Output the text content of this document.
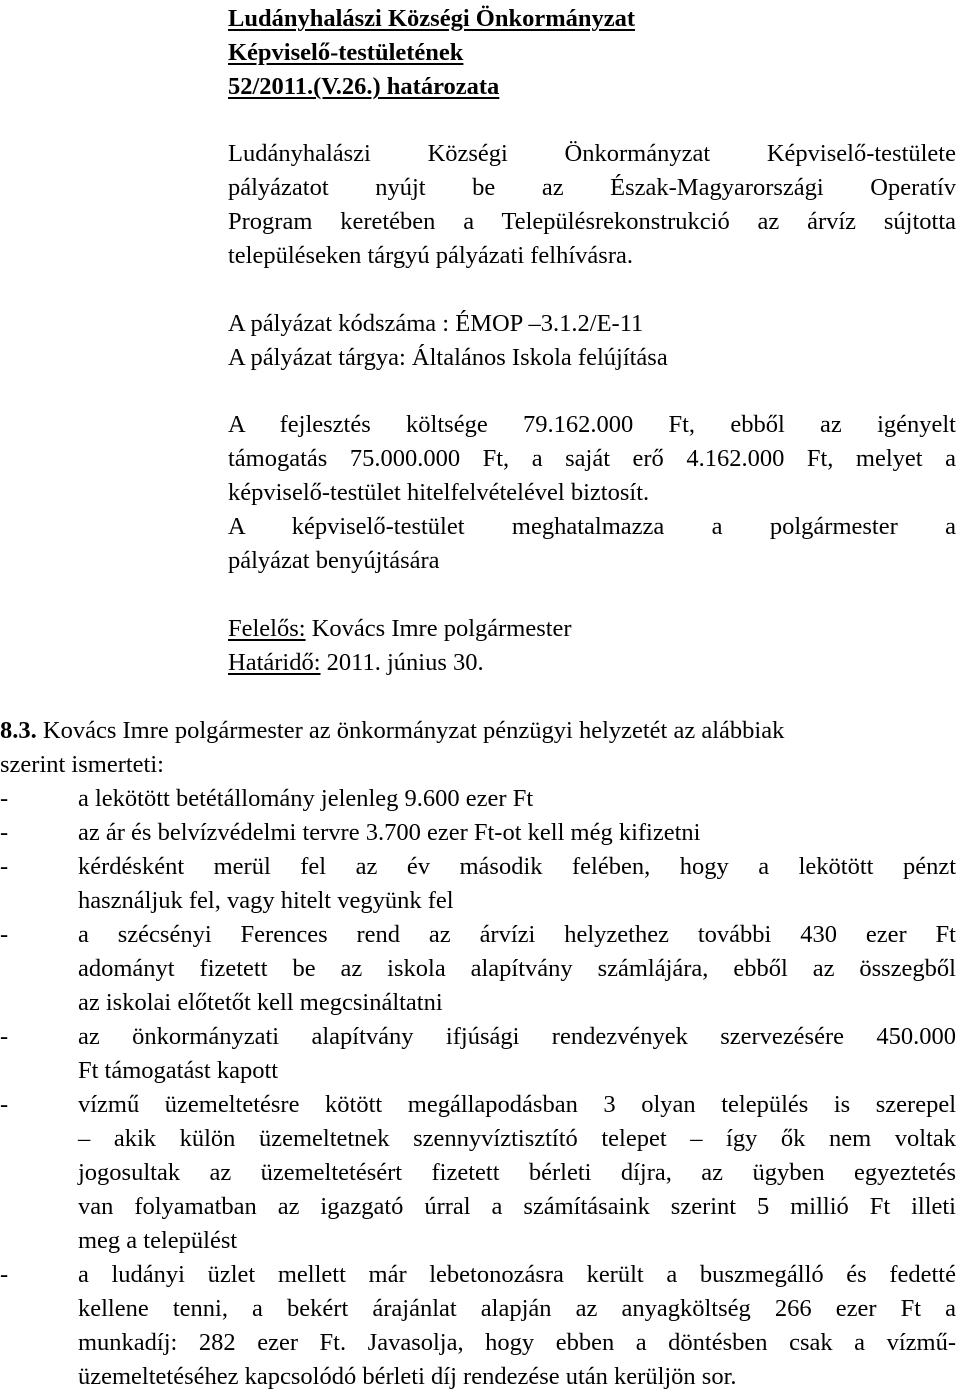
Ludányhalászi Községi Önkormányzat
Képviselő-testületének
52/2011.(V.26.) határozata
Ludányhalászi Községi Önkormányzat Képviselő-testülete
pályázatot nyújt be az Észak-Magyarországi Operatív
Program keretében a Településrekonstrukció az árvíz sújtotta
településeken tárgyú pályázati felhívásra.
A pályázat kódszáma : ÉMOP –3.1.2/E-11
A pályázat tárgya: Általános Iskola felújítása
A fejlesztés költsége 79.162.000 Ft, ebből az igényelt
támogatás 75.000.000 Ft, a saját erő 4.162.000 Ft, melyet a
képviselő-testület hitelfelvételével biztosít.
A képviselő-testület meghatalmazza a polgármester a
pályázat benyújtására
Felelős: Kovács Imre polgármester
Határidő: 2011. június 30.
8.3. Kovács Imre polgármester az önkormányzat pénzügyi helyzetét az alábbiak
szerint ismerteti:
-	a lekötött betétállomány jelenleg 9.600 ezer Ft
-	az ár és belvízvédelmi tervre 3.700 ezer Ft-ot kell még kifizetni
-	kérdésként merül fel az év második felében, hogy a lekötött pénzt
használjuk fel, vagy hitelt vegyünk fel
-	a szécsényi Ferences rend az árvízi helyzethez további 430 ezer Ft
adományt fizetett be az iskola alapítvány számlájára, ebből az összegből
az iskolai előtetőt kell megcsináltatni
-	az önkormányzati alapítvány ifjúsági rendezvények szervezésére 450.000
Ft támogatást kapott
-	vízmű üzemeltetésre kötött megállapodásban 3 olyan település is szerepel
– akik külön üzemeltetnek szennyvíztisztító telepet – így ők nem voltak
jogosultak az üzemeltetésért fizetett bérleti díjra, az ügyben egyeztetés
van folyamatban az igazgató úrral a számításaink szerint 5 millió Ft illeti
meg a települést
-	a ludányi üzlet mellett már lebetonozásra került a buszmegálló és fedetté
kellene tenni, a bekért árajánlat alapján az anyagköltség 266 ezer Ft a
munkadíj: 282 ezer Ft. Javasolja, hogy ebben a döntésben csak a vízmű-
üzemeltetéséhez kapcsolódó bérleti díj rendezése után kerüljön sor.
